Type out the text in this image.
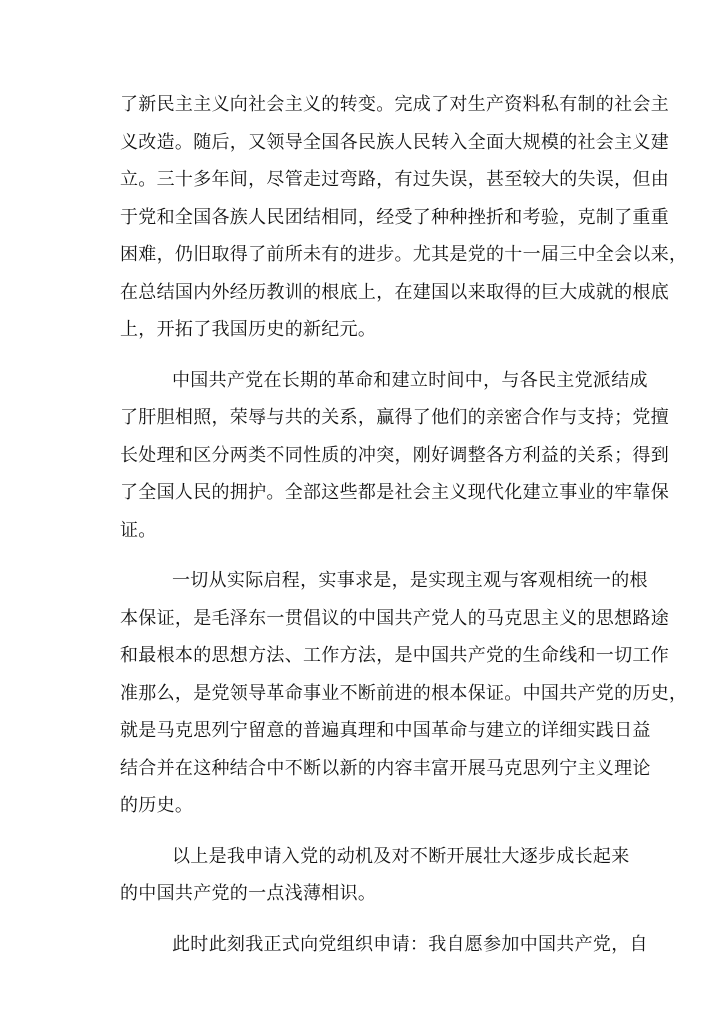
了新民主主义向社会主义的转变。完成了对生产资料私有制的社会主
义改造。随后，又领导全国各民族人民转入全面大规模的社会主义建
立。三十多年间，尽管走过弯路，有过失误，甚至较大的失误，但由
于党和全国各族人民团结相同，经受了种种挫折和考验，克制了重重
困难，仍旧取得了前所未有的进步。尤其是党的十一届三中全会以来，
在总结国内外经历教训的根底上，在建国以来取得的巨大成就的根底
上，开拓了我国历史的新纪元。

中国共产党在长期的革命和建立时间中，与各民主党派结成
了肝胆相照，荣辱与共的关系，赢得了他们的亲密合作与支持；党擅
长处理和区分两类不同性质的冲突，刚好调整各方利益的关系；得到
了全国人民的拥护。全部这些都是社会主义现代化建立事业的牢靠保
证。

一切从实际启程，实事求是，是实现主观与客观相统一的根
本保证，是毛泽东一贯倡议的中国共产党人的马克思主义的思想路途
和最根本的思想方法、工作方法，是中国共产党的生命线和一切工作
准那么，是党领导革命事业不断前进的根本保证。中国共产党的历史，
就是马克思列宁留意的普遍真理和中国革命与建立的详细实践日益
结合并在这种结合中不断以新的内容丰富开展马克思列宁主义理论
的历史。

以上是我申请入党的动机及对不断开展壮大逐步成长起来
的中国共产党的一点浅薄相识。

此时此刻我正式向党组织申请：我自愿参加中国共产党，自
